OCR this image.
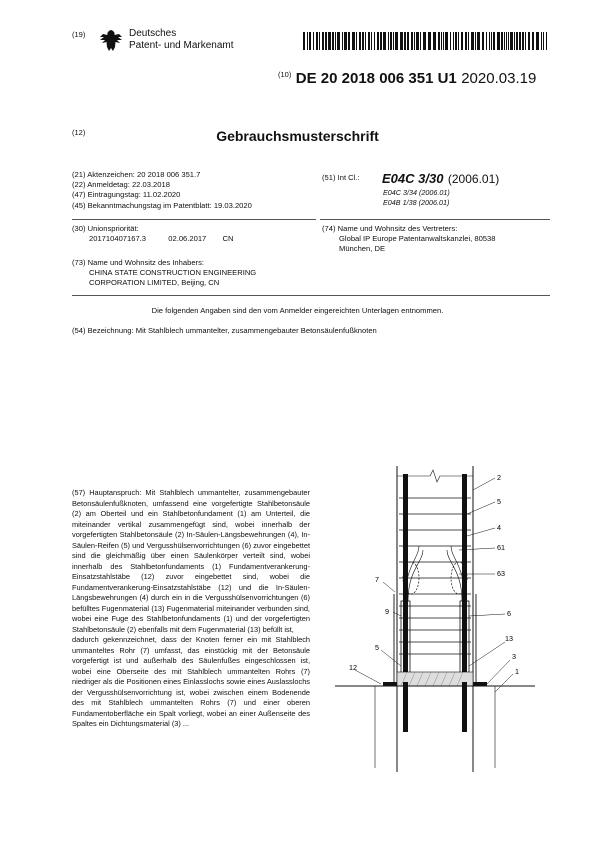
(19)	Deutsches
Patent- und Markenamt
$^{(10)}$ DE 20 2018 006 351 U1 2020.03.19
(12)	Gebrauchsmusterschrift
(21) Aktenzeichen: 20 2018 006 351.7
(22) Anmeldetag: 22.03.2018
(47) Eintragungstag: 11.02.2020
(45) Bekanntmachungstag im Patentblatt: 19.03.2020
(51) Int Cl.: E04C 3/30 (2006.01)
E04C 3/34 (2006.01)
E04B 1/38 (2006.01)
(30) Unionspriorität:
201710407167.3	02.06.2017 CN
(73) Name und Wohnsitz des Inhabers:
CHINA STATE CONSTRUCTION ENGINEERING
CORPORATION LIMITED, Beijing, CN
(74) Name und Wohnsitz des Vertreters:
Global IP Europe Patentanwaltskanzlei, 80538
München, DE
Die folgenden Angaben sind den vom Anmelder eingereichten Unterlagen entnommen.
(54) Bezeichnung: Mit Stahlblech ummantelter, zusammengebauter Betonsäulenfußknoten

(57) Hauptanspruch: Mit Stahlblech ummantelter, zusammengebauter Betonsäulenfußknoten, umfassend eine vorgefertigte Stahlbetonsäule (2) am Oberteil und ein Stahlbetonfundament (1) am Unterteil, die miteinander vertikal zusammengefügt sind, wobei innerhalb der vorgefertigten Stahlbetonsäule (2) In-Säulen-Längsbewehrungen (4), In-Säulen-Reifen (5) und Vergusshülsenvorrichtungen (6) zuvor eingebettet sind die gleichmäßig über einen Säulenkörper verteilt sind, wobei innerhalb des Stahlbetonfundaments (1) Fundamentverankerung-Einsatzstahlstäbe (12) zuvor eingebettet sind, wobei die Fundamentverankerung-Einsatzstahlstäbe (12) und die In-Säulen-Längsbewehrungen (4) durch ein in die Vergusshülsenvorrichtungen (6) befülltes Fugenmaterial (13) Fugenmaterial miteinander verbunden sind, wobei eine Fuge des Stahlbetonfundaments (1) und der vorgefertigten Stahlbetonsäule (2) ebenfalls mit dem Fugenmaterial (13) befüllt ist,

dadurch gekennzeichnet, dass der Knoten ferner ein mit Stahlblech ummanteltes Rohr (7) umfasst, das einstückig mit der Betonsäule vorgefertigt ist und außerhalb des Säulenfußes eingeschlossen ist, wobei eine Oberseite des mit Stahlblech ummantelten Rohrs (7) niedriger als die Positionen eines Einlasslochs sowie eines Auslasslochs der Vergusshülsenvorrichtung ist, wobei zwischen einem Bodenende des mit Stahlblech ummantelten Rohrs (7) und einer oberen Fundamentoberfläche ein Spalt vorliegt, wobei an einer Außenseite des Spaltes ein Dichtungsmaterial (3) ...

2
5
4
61
63
7
9	6
5
13
3
12	1
